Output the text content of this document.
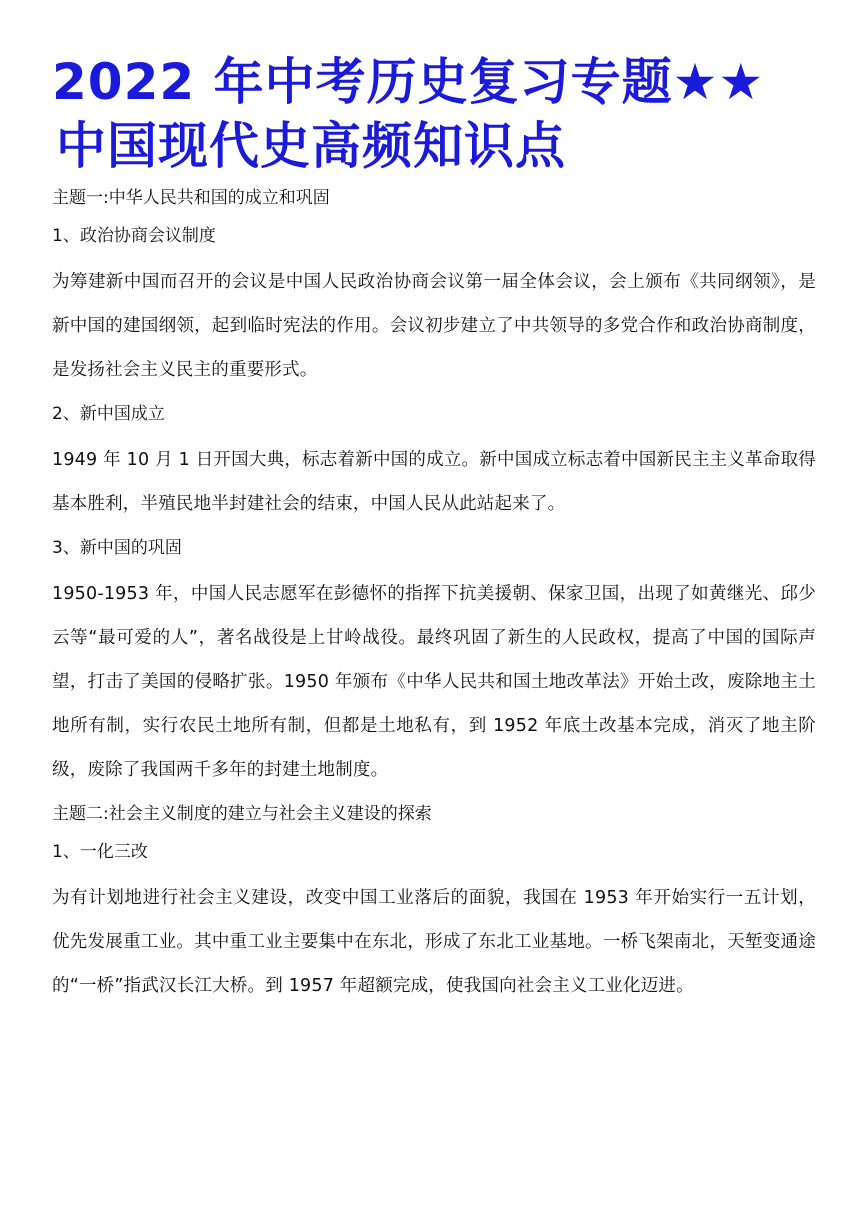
2022 年中考历史复习专题★★
中国现代史高频知识点
主题一:中华人民共和国的成立和巩固
1、政治协商会议制度

为筹建新中国而召开的会议是中国人民政治协商会议第一届全体会议，会上颁布《共同纲领》，是新中国的建国纲领，起到临时宪法的作用。会议初步建立了中共领导的多党合作和政治协商制度，是发扬社会主义民主的重要形式。

2、新中国成立

1949 年 10 月 1 日开国大典，标志着新中国的成立。新中国成立标志着中国新民主主义革命取得基本胜利，半殖民地半封建社会的结束，中国人民从此站起来了。

3、新中国的巩固

1950-1953 年，中国人民志愿军在彭德怀的指挥下抗美援朝、保家卫国，出现了如黄继光、邱少云等“最可爱的人”，著名战役是上甘岭战役。最终巩固了新生的人民政权，提高了中国的国际声望，打击了美国的侵略扩张。1950 年颁布《中华人民共和国土地改革法》开始土改，废除地主土地所有制，实行农民土地所有制，但都是土地私有，到 1952 年底土改基本完成，消灭了地主阶级，废除了我国两千多年的封建土地制度。

主题二:社会主义制度的建立与社会主义建设的探索
1、一化三改

为有计划地进行社会主义建设，改变中国工业落后的面貌，我国在 1953 年开始实行一五计划，优先发展重工业。其中重工业主要集中在东北，形成了东北工业基地。一桥飞架南北，天堑变通途的“一桥”指武汉长江大桥。到 1957 年超额完成，使我国向社会主义工业化迈进。
